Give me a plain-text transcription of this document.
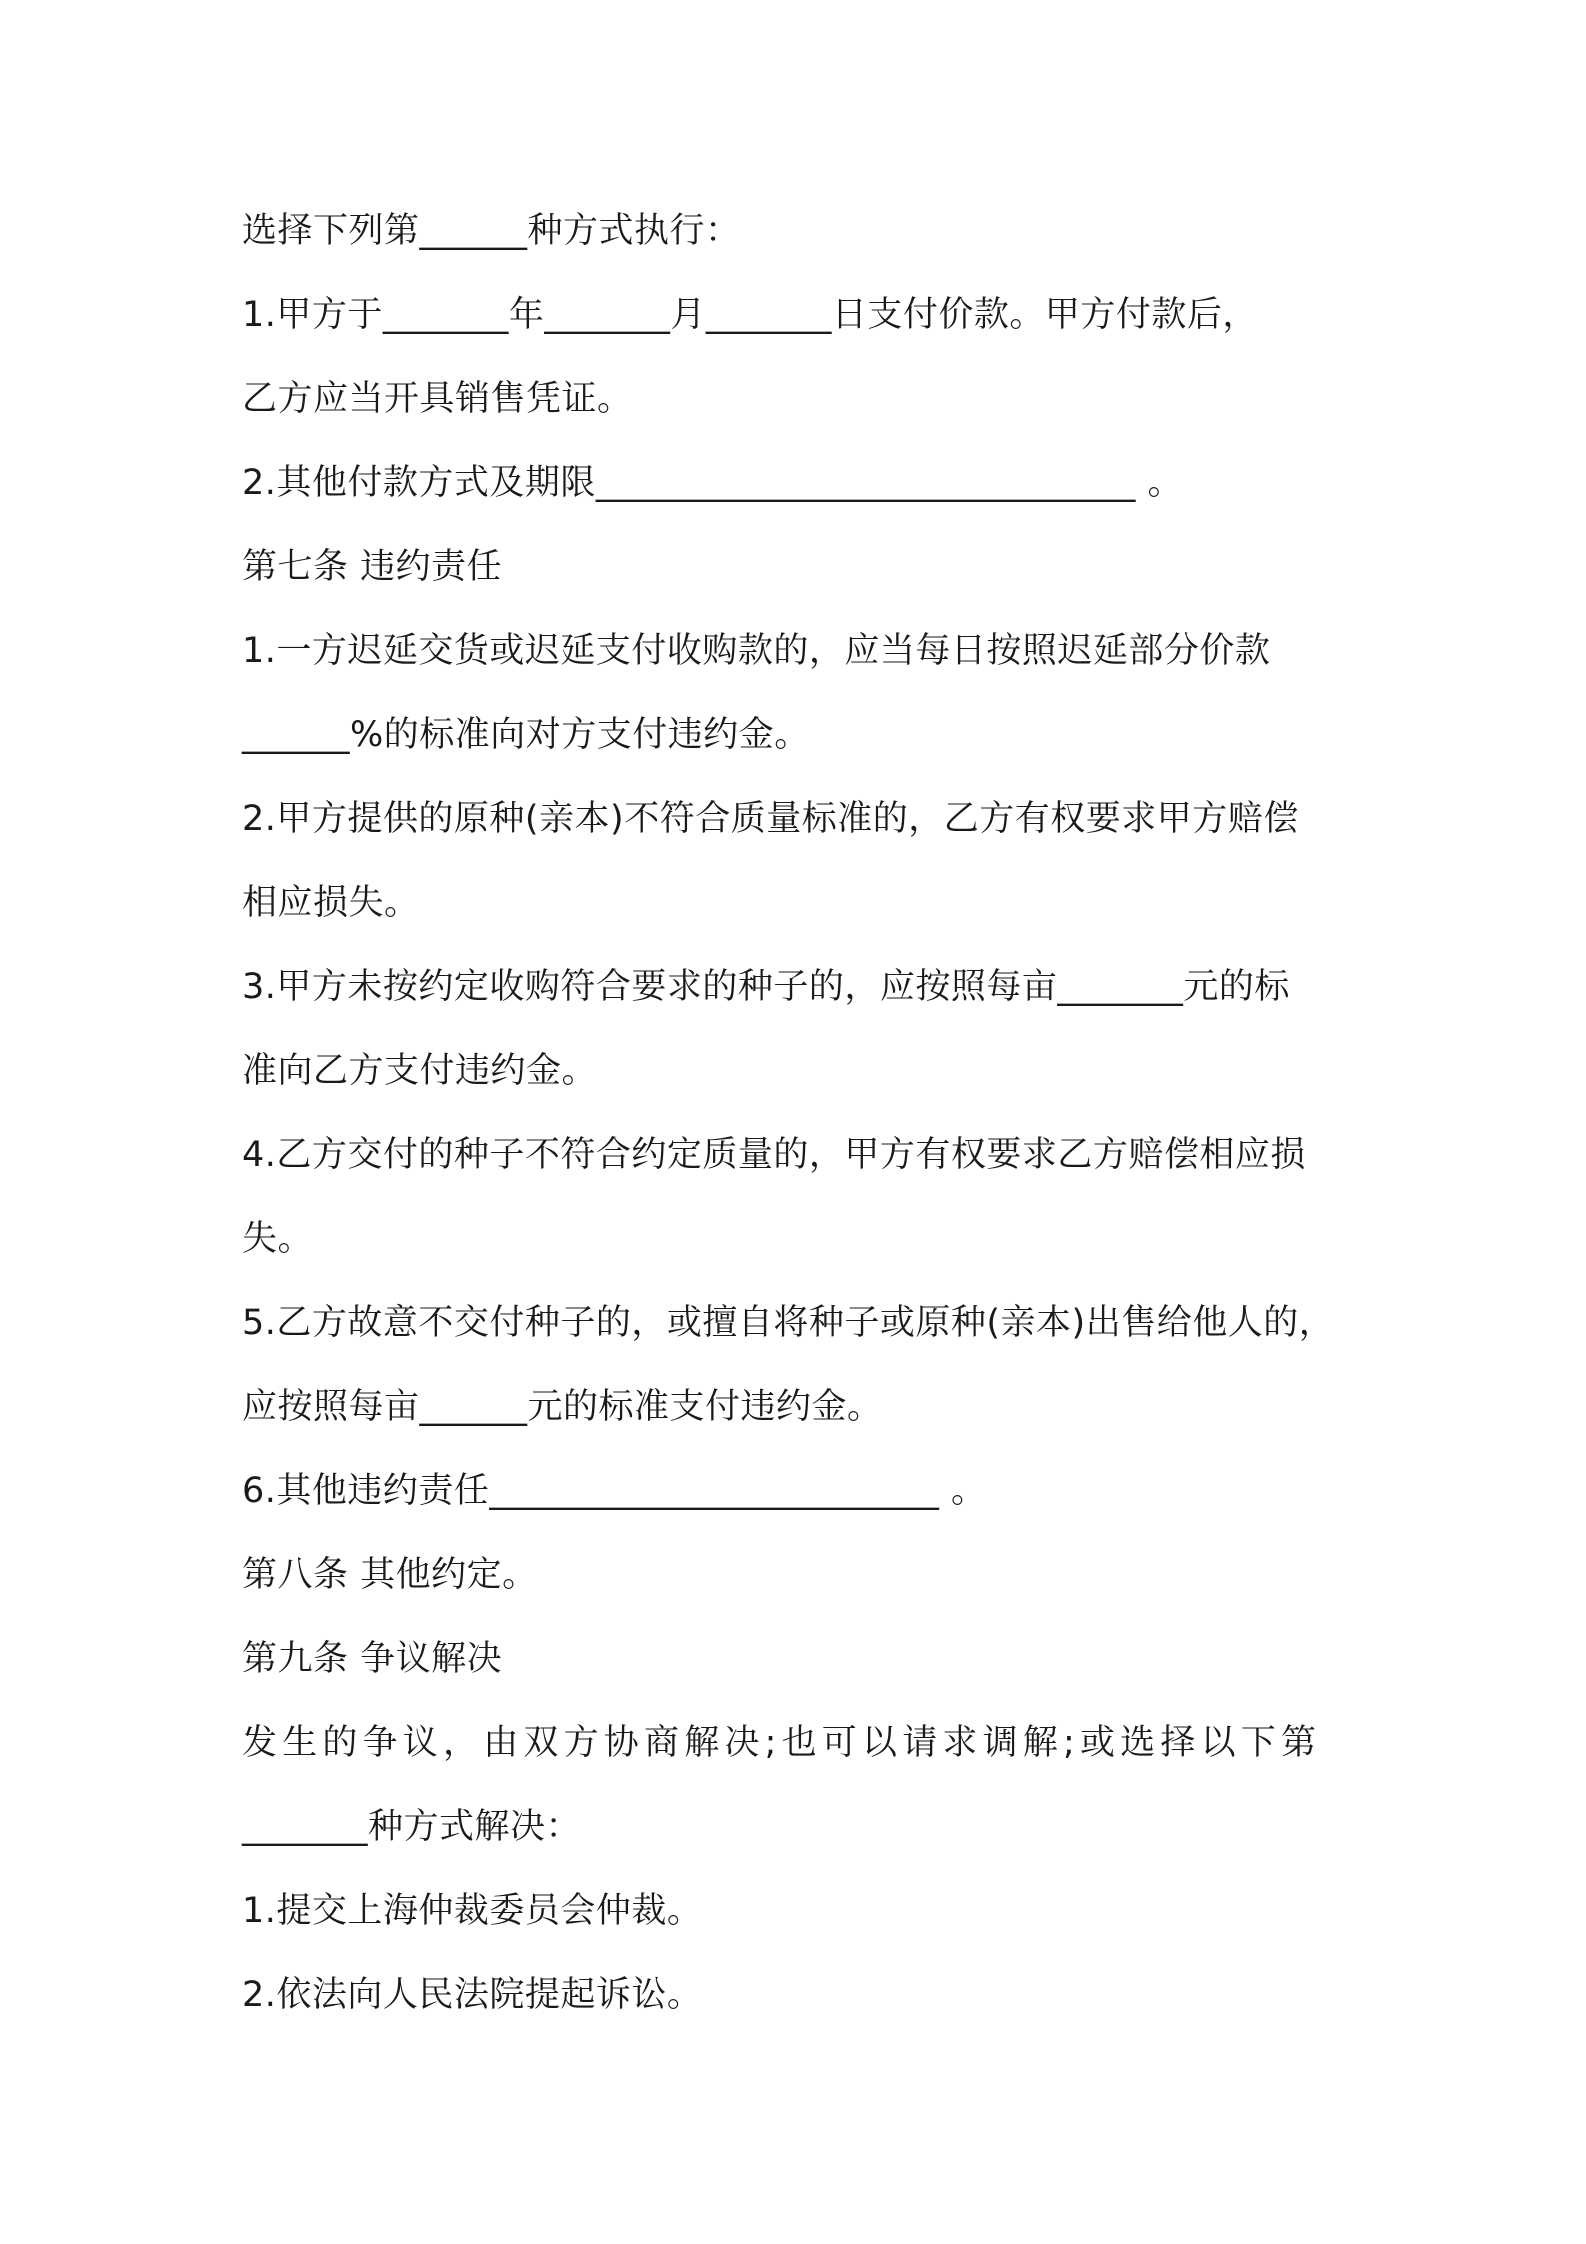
选择下列第______种方式执行：

1.甲方于_______年_______月_______日支付价款。甲方付款后，

乙方应当开具销售凭证。

2.其他付款方式及期限______________________________ 。

第七条 违约责任

1.一方迟延交货或迟延支付收购款的，应当每日按照迟延部分价款

______%的标准向对方支付违约金。

2.甲方提供的原种(亲本)不符合质量标准的，乙方有权要求甲方赔偿

相应损失。

3.甲方未按约定收购符合要求的种子的，应按照每亩_______元的标

准向乙方支付违约金。

4.乙方交付的种子不符合约定质量的，甲方有权要求乙方赔偿相应损

失。

5.乙方故意不交付种子的，或擅自将种子或原种(亲本)出售给他人的，

应按照每亩______元的标准支付违约金。

6.其他违约责任_________________________ 。

第八条 其他约定。

第九条 争议解决

发生的争议，由双方协商解决;也可以请求调解;或选择以下第

_______种方式解决：

1.提交上海仲裁委员会仲裁。

2.依法向人民法院提起诉讼。
